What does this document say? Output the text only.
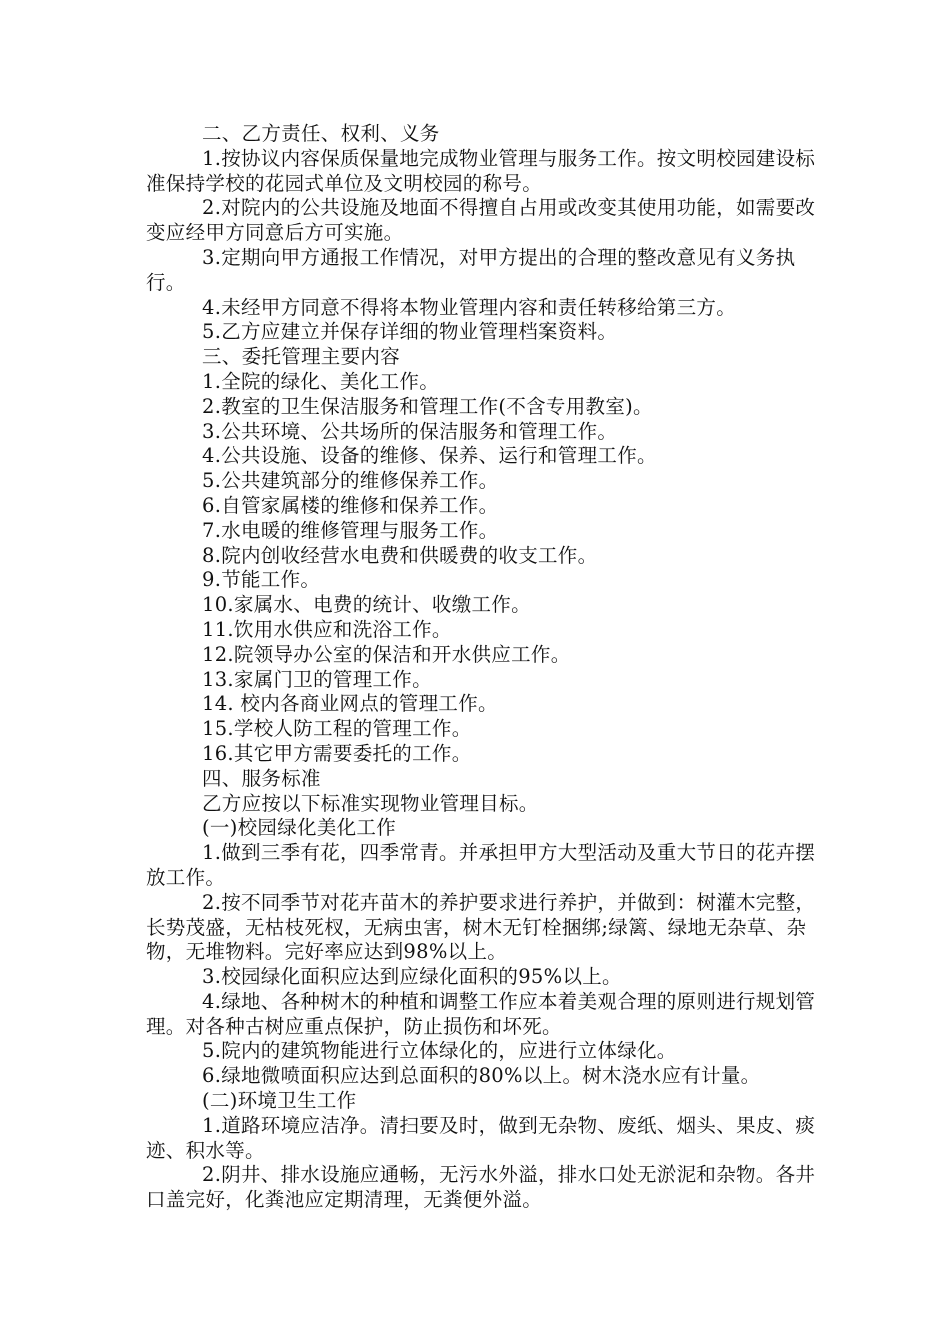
二、乙方责任、权利、义务

1.按协议内容保质保量地完成物业管理与服务工作。按文明校园建设标准保持学校的花园式单位及文明校园的称号。

2.对院内的公共设施及地面不得擅自占用或改变其使用功能，如需要改变应经甲方同意后方可实施。

3.定期向甲方通报工作情况，对甲方提出的合理的整改意见有义务执行。

4.未经甲方同意不得将本物业管理内容和责任转移给第三方。

5.乙方应建立并保存详细的物业管理档案资料。

三、委托管理主要内容

1.全院的绿化、美化工作。

2.教室的卫生保洁服务和管理工作(不含专用教室)。

3.公共环境、公共场所的保洁服务和管理工作。

4.公共设施、设备的维修、保养、运行和管理工作。

5.公共建筑部分的维修保养工作。

6.自管家属楼的维修和保养工作。

7.水电暖的维修管理与服务工作。

8.院内创收经营水电费和供暖费的收支工作。

9.节能工作。

10.家属水、电费的统计、收缴工作。

11.饮用水供应和洗浴工作。

12.院领导办公室的保洁和开水供应工作。

13.家属门卫的管理工作。

14. 校内各商业网点的管理工作。

15.学校人防工程的管理工作。

16.其它甲方需要委托的工作。

四、服务标准

乙方应按以下标准实现物业管理目标。

(一)校园绿化美化工作

1.做到三季有花，四季常青。并承担甲方大型活动及重大节日的花卉摆放工作。

2.按不同季节对花卉苗木的养护要求进行养护，并做到：树灌木完整，长势茂盛，无枯枝死杈，无病虫害，树木无钉栓捆绑;绿篱、绿地无杂草、杂物，无堆物料。完好率应达到98%以上。

3.校园绿化面积应达到应绿化面积的95%以上。

4.绿地、各种树木的种植和调整工作应本着美观合理的原则进行规划管理。对各种古树应重点保护，防止损伤和坏死。

5.院内的建筑物能进行立体绿化的，应进行立体绿化。

6.绿地微喷面积应达到总面积的80%以上。树木浇水应有计量。

(二)环境卫生工作

1.道路环境应洁净。清扫要及时，做到无杂物、废纸、烟头、果皮、痰迹、积水等。

2.阴井、排水设施应通畅，无污水外溢，排水口处无淤泥和杂物。各井口盖完好，化粪池应定期清理，无粪便外溢。
